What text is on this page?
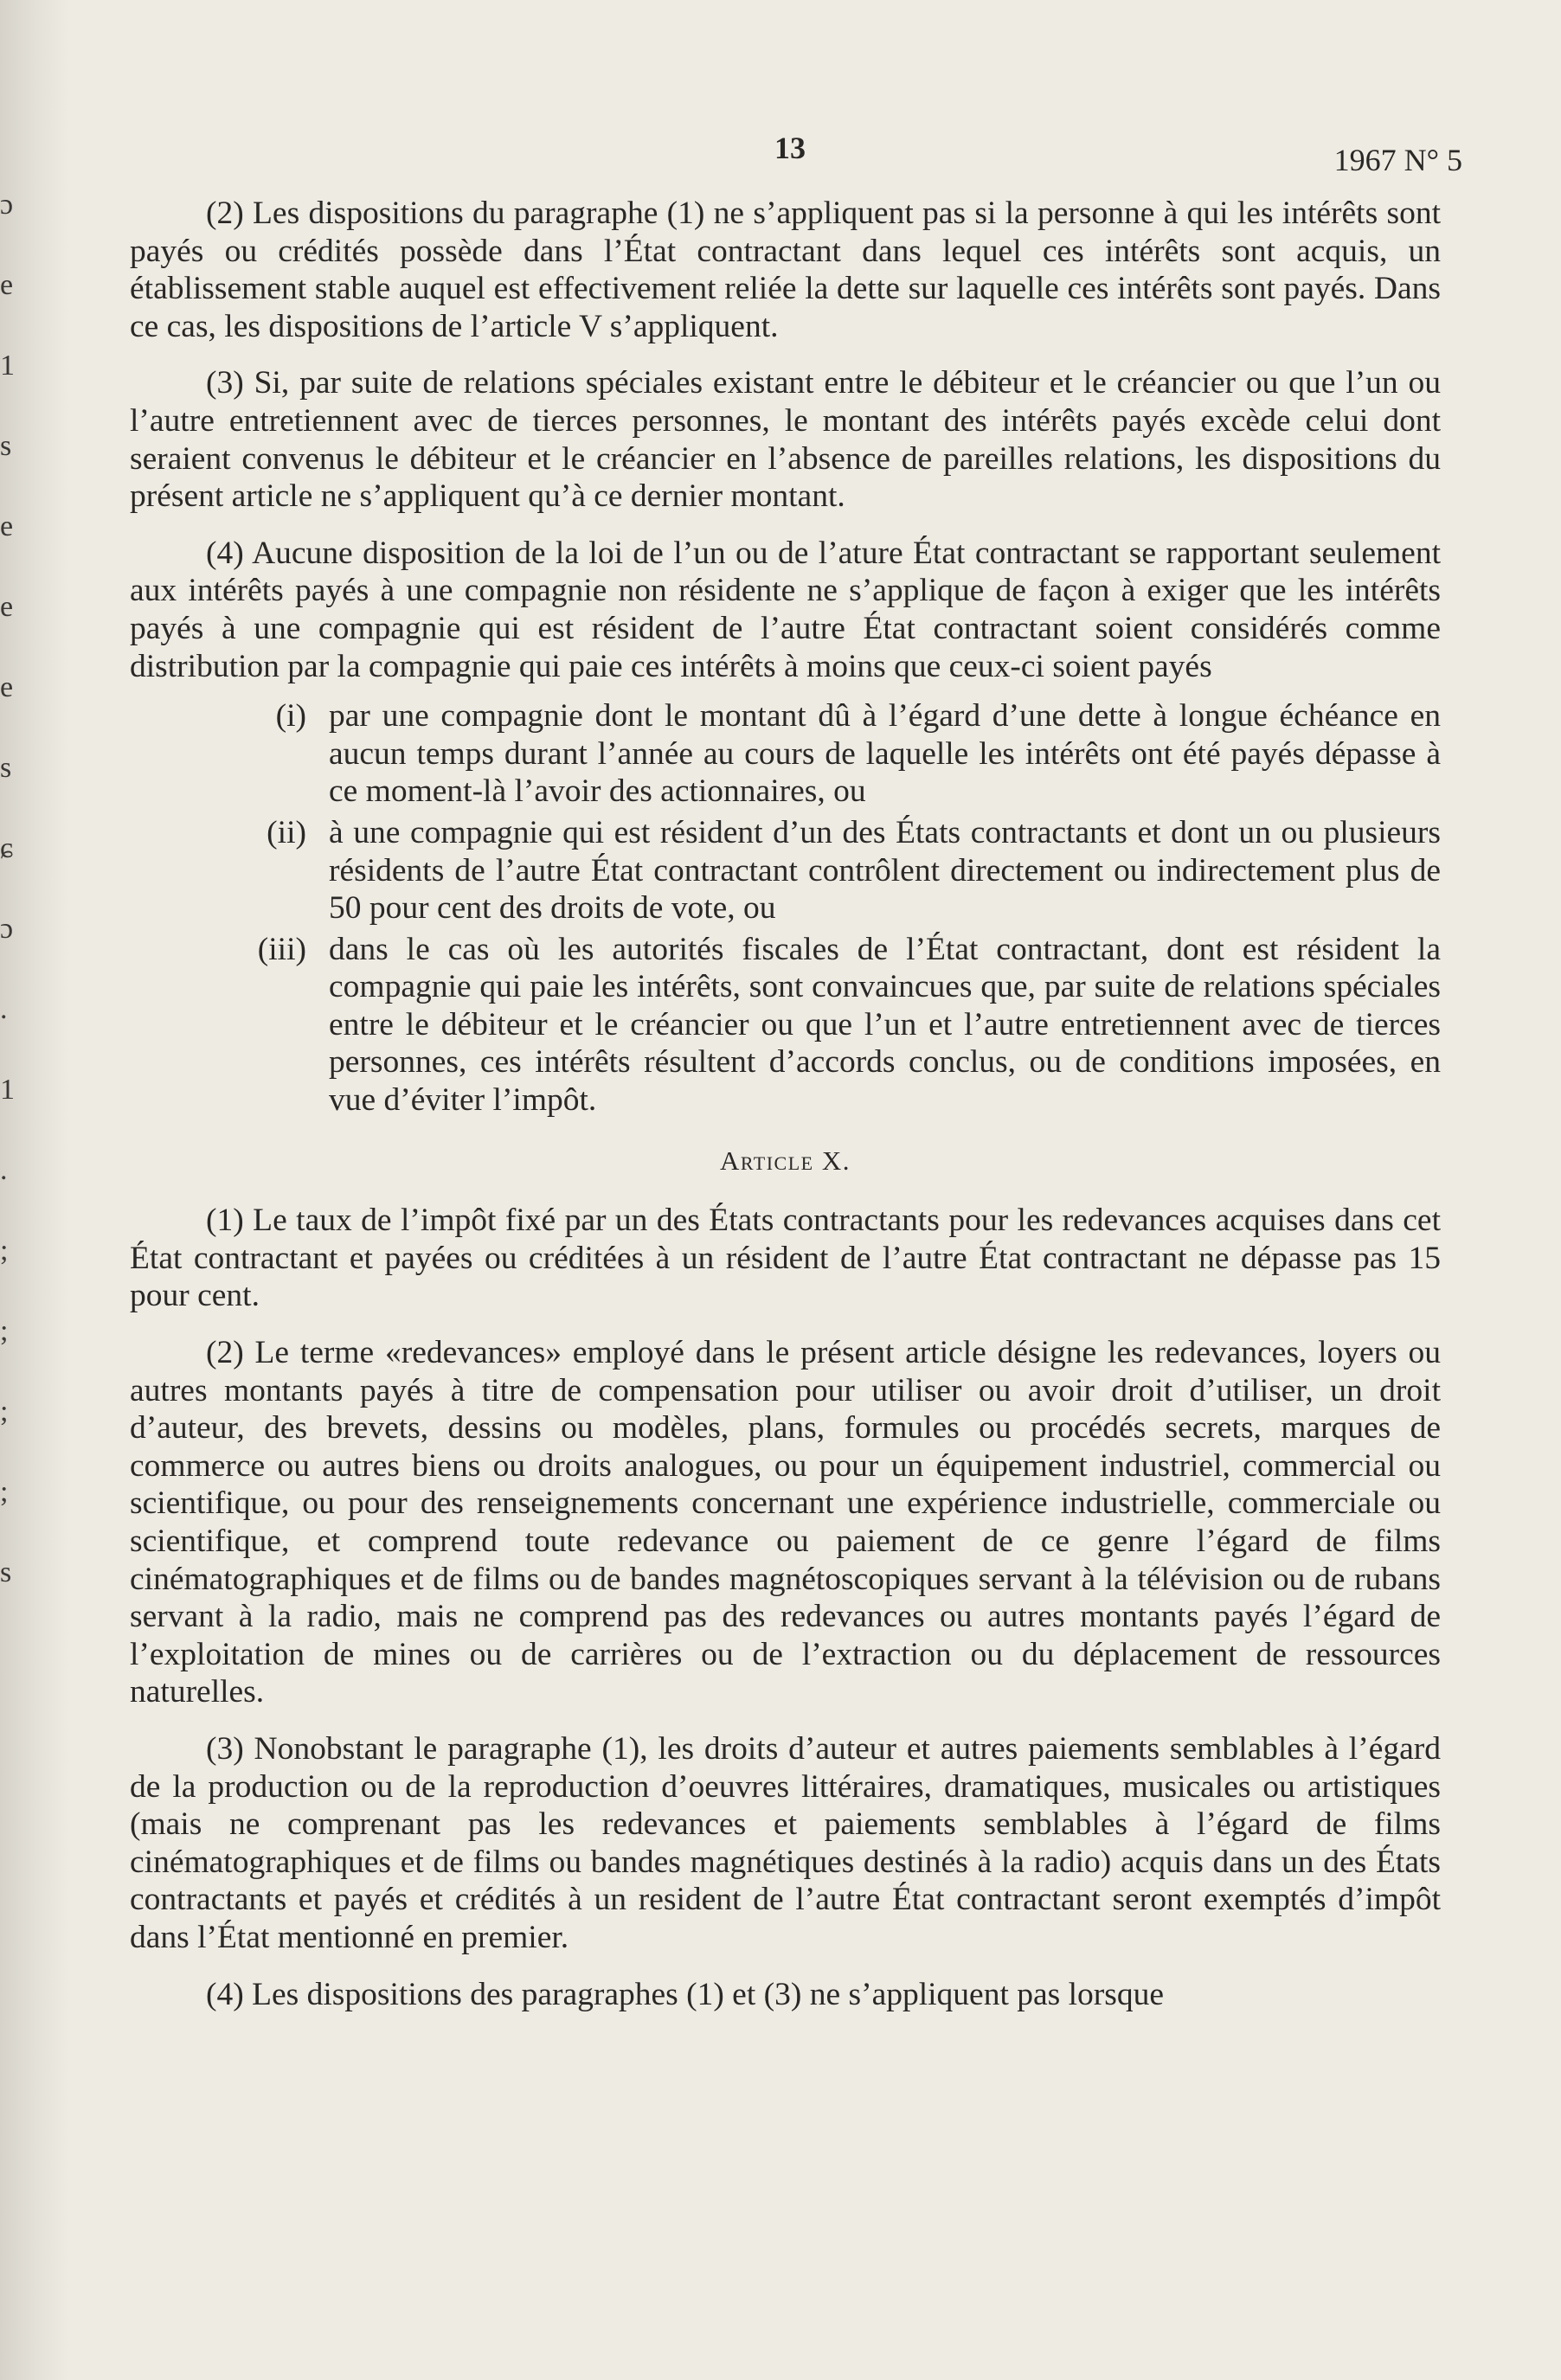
ɔ
e
1
s
e
e
e
s
ɕ
ɔ
.
1
.
;
;
;
;
s
13	1967 N° 5

(2) Les dispositions du paragraphe (1) ne s’appliquent pas si la personne à qui les intérêts sont payés ou crédités possède dans l’État contractant dans lequel ces intérêts sont acquis, un établissement stable auquel est effectivement reliée la dette sur laquelle ces intérêts sont payés. Dans ce cas, les dispositions de l’article V s’appliquent.

(3) Si, par suite de relations spéciales existant entre le débiteur et le créancier ou que l’un ou l’autre entretiennent avec de tierces personnes, le montant des intérêts payés excède celui dont seraient convenus le débiteur et le créancier en l’absence de pareilles relations, les dispositions du présent article ne s’appliquent qu’à ce dernier montant.

(4) Aucune disposition de la loi de l’un ou de l’ature État contractant se rapportant seulement aux intérêts payés à une compagnie non résidente ne s’applique de façon à exiger que les intérêts payés à une compagnie qui est résident de l’autre État contractant soient considérés comme distribution par la compagnie qui paie ces intérêts à moins que ceux-ci soient payés

(i) par une compagnie dont le montant dû à l’égard d’une dette à longue échéance en aucun temps durant l’année au cours de laquelle les intérêts ont été payés dépasse à ce moment-là l’avoir des actionnaires, ou
(ii) à une compagnie qui est résident d’un des États contractants et dont un ou plusieurs résidents de l’autre État contractant contrôlent directement ou indirectement plus de 50 pour cent des droits de vote, ou
(iii) dans le cas où les autorités fiscales de l’État contractant, dont est résident la compagnie qui paie les intérêts, sont convaincues que, par suite de relations spéciales entre le débiteur et le créancier ou que l’un et l’autre entretiennent avec de tierces personnes, ces intérêts résultent d’accords conclus, ou de conditions imposées, en vue d’éviter l’impôt.
Article X.

(1) Le taux de l’impôt fixé par un des États contractants pour les redevances acquises dans cet État contractant et payées ou créditées à un résident de l’autre État contractant ne dépasse pas 15 pour cent.

(2) Le terme «redevances» employé dans le présent article désigne les redevances, loyers ou autres montants payés à titre de compensation pour utiliser ou avoir droit d’utiliser, un droit d’auteur, des brevets, dessins ou modèles, plans, formules ou procédés secrets, marques de commerce ou autres biens ou droits analogues, ou pour un équipement industriel, commercial ou scientifique, ou pour des renseignements concernant une expérience industrielle, commerciale ou scientifique, et comprend toute redevance ou paiement de ce genre l’égard de films cinématographiques et de films ou de bandes magnétoscopiques servant à la télévision ou de rubans servant à la radio, mais ne comprend pas des redevances ou autres montants payés l’égard de l’exploitation de mines ou de carrières ou de l’extraction ou du déplacement de ressources naturelles.

(3) Nonobstant le paragraphe (1), les droits d’auteur et autres paiements semblables à l’égard de la production ou de la reproduction d’oeuvres littéraires, dramatiques, musicales ou artistiques (mais ne comprenant pas les redevances et paiements semblables à l’égard de films cinématographiques et de films ou bandes magnétiques destinés à la radio) acquis dans un des États contractants et payés et crédités à un resident de l’autre État contractant seront exemptés d’impôt dans l’État mentionné en premier.

(4) Les dispositions des paragraphes (1) et (3) ne s’appliquent pas lorsque
